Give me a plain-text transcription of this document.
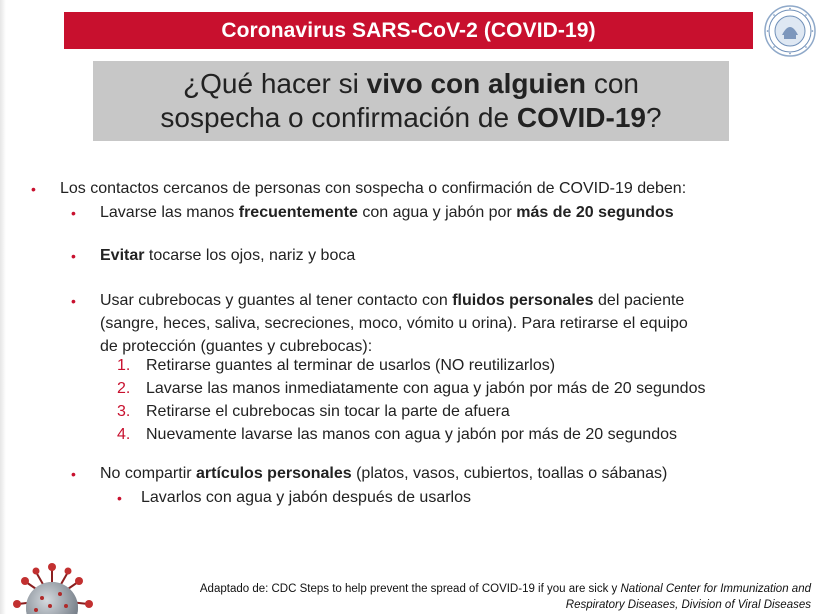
Coronavirus SARS-CoV-2 (COVID-19)
¿Qué hacer si vivo con alguien con
sospecha o confirmación de COVID-19?
• Los contactos cercanos de personas con sospecha o confirmación de COVID-19 deben:
• Lavarse las manos frecuentemente con agua y jabón por más de 20 segundos
• Evitar tocarse los ojos, nariz y boca
• Usar cubrebocas y guantes al tener contacto con fluidos personales del paciente
(sangre, heces, saliva, secreciones, moco, vómito u orina). Para retirarse el equipo
de protección (guantes y cubrebocas):
1. Retirarse guantes al terminar de usarlos (NO reutilizarlos)
2. Lavarse las manos inmediatamente con agua y jabón por más de 20 segundos
3. Retirarse el cubrebocas sin tocar la parte de afuera
4. Nuevamente lavarse las manos con agua y jabón por más de 20 segundos
• No compartir artículos personales (platos, vasos, cubiertos, toallas o sábanas)
• Lavarlos con agua y jabón después de usarlos
Adaptado de: CDC Steps to help prevent the spread of COVID-19 if you are sick y National Center for Immunization and
Respiratory Diseases, Division of Viral Diseases
